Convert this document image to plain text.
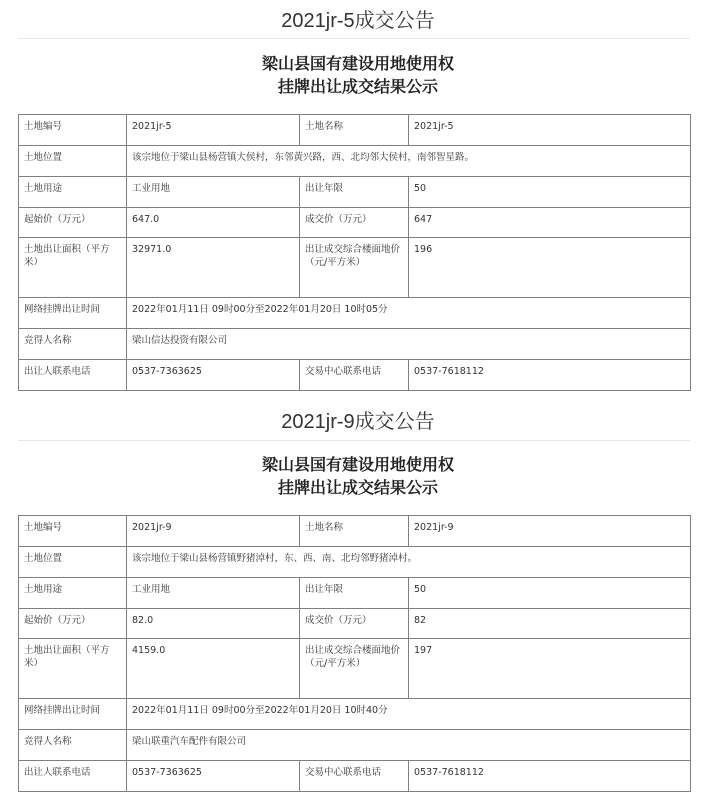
2021jr-5成交公告
梁山县国有建设用地使用权
挂牌出让成交结果公示
土地编号	2021jr-5	土地名称	2021jr-5
土地位置	该宗地位于梁山县杨营镇大侯村，东邻黄兴路，西、北均邻大侯村，南邻智星路。		
土地用途	工业用地	出让年限	50
起始价（万元）	647.0	成交价（万元）	647
土地出让面积（平方米）	32971.0	出让成交综合楼面地价（元/平方米）	196
网络挂牌出让时间	2022年01月11日 09时00分至2022年01月20日 10时05分		
竞得人名称	梁山信达投资有限公司		
出让人联系电话	0537-7363625	交易中心联系电话	0537-7618112
2021jr-9成交公告
梁山县国有建设用地使用权
挂牌出让成交结果公示
土地编号	2021jr-9	土地名称	2021jr-9
土地位置	该宗地位于梁山县杨营镇野猪淖村，东、西、南、北均邻野猪淖村。		
土地用途	工业用地	出让年限	50
起始价（万元）	82.0	成交价（万元）	82
土地出让面积（平方米）	4159.0	出让成交综合楼面地价（元/平方米）	197
网络挂牌出让时间	2022年01月11日 09时00分至2022年01月20日 10时40分		
竞得人名称	梁山联重汽车配件有限公司		
出让人联系电话	0537-7363625	交易中心联系电话	0537-7618112
